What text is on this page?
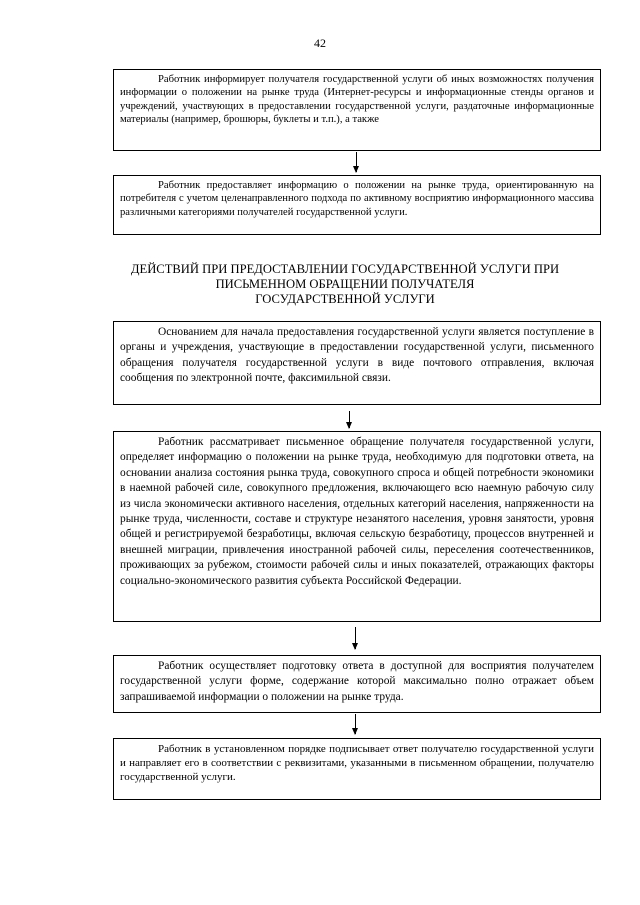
42
Работник информирует получателя государственной услуги об иных возможностях получения информации о положении на рынке труда (Интернет-ресурсы и информационные стенды органов и учреждений, участвующих в предоставлении государственной услуги, раздаточные информационные материалы (например, брошюры, буклеты и т.п.), а также
Работник предоставляет информацию о положении на рынке труда, ориентированную на потребителя с учетом целенаправленного подхода по активному восприятию информационного массива различными категориями получателей государственной услуги.
ДЕЙСТВИЙ ПРИ ПРЕДОСТАВЛЕНИИ ГОСУДАРСТВЕННОЙ УСЛУГИ ПРИ
ПИСЬМЕННОМ ОБРАЩЕНИИ ПОЛУЧАТЕЛЯ
ГОСУДАРСТВЕННОЙ УСЛУГИ
Основанием для начала предоставления государственной услуги является поступление в органы и учреждения, участвующие в предоставлении государственной услуги, письменного обращения получателя государственной услуги в виде почтового отправления, включая сообщения по электронной почте, факсимильной связи.
Работник рассматривает письменное обращение получателя государственной услуги, определяет информацию о положении на рынке труда, необходимую для подготовки ответа, на основании анализа состояния рынка труда, совокупного спроса и общей потребности экономики в наемной рабочей силе, совокупного предложения, включающего всю наемную рабочую силу из числа экономически активного населения, отдельных категорий населения, напряженности на рынке труда, численности, составе и структуре незанятого населения, уровня занятости, уровня общей и регистрируемой безработицы, включая сельскую безработицу, процессов внутренней и внешней миграции, привлечения иностранной рабочей силы, переселения соотечественников, проживающих за рубежом, стоимости рабочей силы и иных показателей, отражающих факторы социально-экономического развития субъекта Российской Федерации.
Работник осуществляет подготовку ответа в доступной для восприятия получателем государственной услуги форме, содержание которой максимально полно отражает объем запрашиваемой информации о положении на рынке труда.
Работник в установленном порядке подписывает ответ получателю государственной услуги и направляет его в соответствии с реквизитами, указанными в письменном обращении, получателю государственной услуги.
